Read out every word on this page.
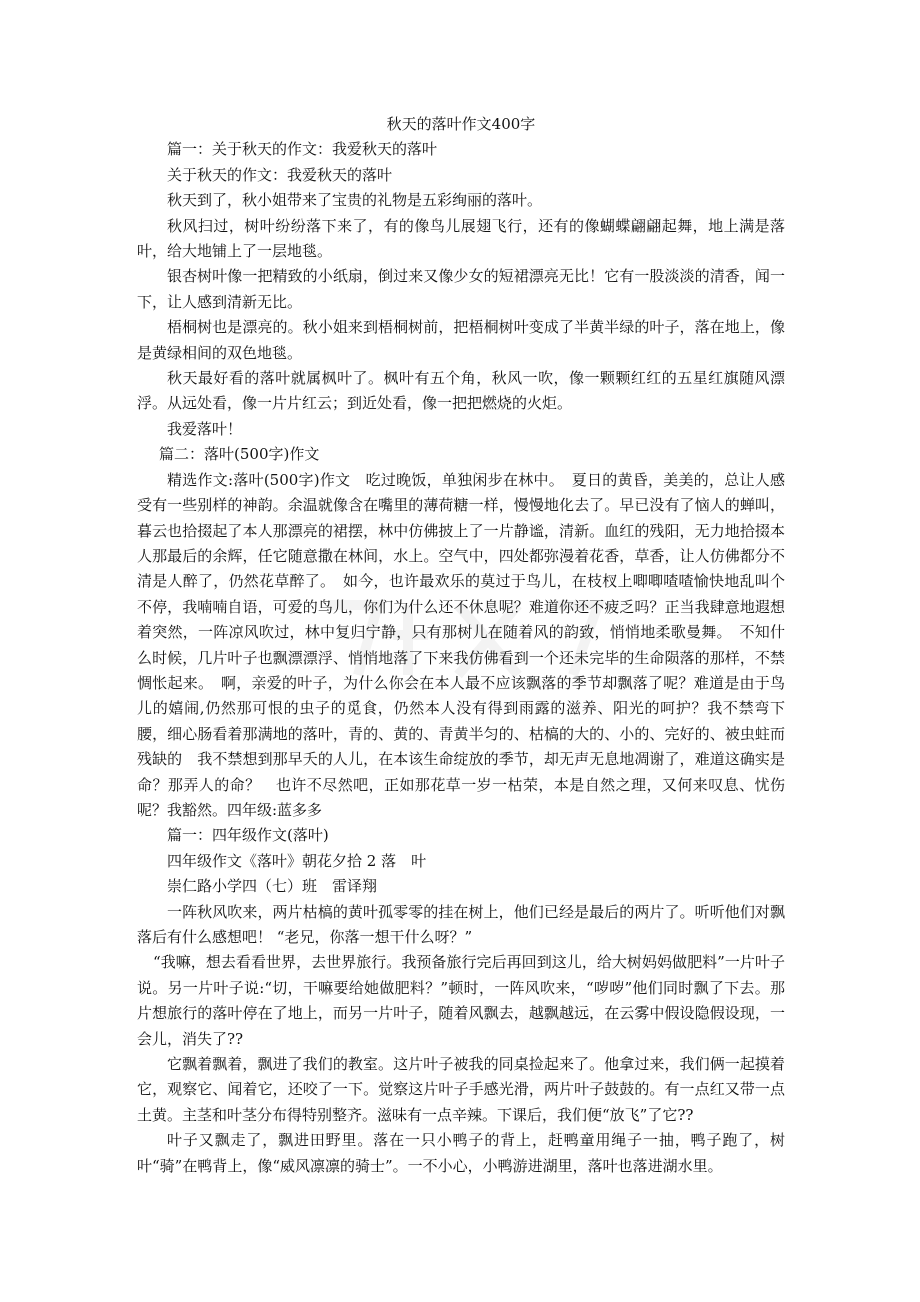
秋天的落叶作文400字

篇一：关于秋天的作文：我爱秋天的落叶

关于秋天的作文：我爱秋天的落叶

秋天到了，秋小姐带来了宝贵的礼物是五彩绚丽的落叶。

秋风扫过，树叶纷纷落下来了，有的像鸟儿展翅飞行，还有的像蝴蝶翩翩起舞，地上满是落叶，给大地铺上了一层地毯。

银杏树叶像一把精致的小纸扇，倒过来又像少女的短裙漂亮无比！它有一股淡淡的清香，闻一下，让人感到清新无比。

梧桐树也是漂亮的。秋小姐来到梧桐树前，把梧桐树叶变成了半黄半绿的叶子，落在地上，像是黄绿相间的双色地毯。

秋天最好看的落叶就属枫叶了。枫叶有五个角，秋风一吹，像一颗颗红红的五星红旗随风漂浮。从远处看，像一片片红云；到近处看，像一把把燃烧的火炬。

我爱落叶！

篇二：落叶(500字)作文

精选作文:落叶(500字)作文　吃过晚饭，单独闲步在林中。　夏日的黄昏，美美的，总让人感受有一些别样的神韵。余温就像含在嘴里的薄荷糖一样，慢慢地化去了。早已没有了恼人的蝉叫，暮云也拾掇起了本人那漂亮的裙摆，林中仿佛披上了一片静谧，清新。血红的残阳，无力地拾掇本人那最后的余辉，任它随意撒在林间，水上。空气中，四处都弥漫着花香，草香，让人仿佛都分不清是人醉了，仍然花草醉了。　如今，也许最欢乐的莫过于鸟儿，在枝杈上唧唧喳喳愉快地乱叫个不停，我喃喃自语，可爱的鸟儿，你们为什么还不休息呢？难道你还不疲乏吗？正当我肆意地遐想着突然，一阵凉风吹过，林中复归宁静，只有那树儿在随着风的韵致，悄悄地柔歌曼舞。　不知什么时候，几片叶子也飘漂漂浮、悄悄地落了下来我仿佛看到一个还未完毕的生命陨落的那样，不禁惆怅起来。　啊，亲爱的叶子，为什么你会在本人最不应该飘落的季节却飘落了呢？难道是由于鸟儿的嬉闹,仍然那可恨的虫子的觅食，仍然本人没有得到雨露的滋养、阳光的呵护？我不禁弯下腰，细心肠看着那满地的落叶，青的、黄的、青黄半匀的、枯槁的大的、小的、完好的、被虫蛀而残缺的　我不禁想到那早夭的人儿，在本该生命绽放的季节，却无声无息地凋谢了，难道这确实是命？那弄人的命？　也许不尽然吧，正如那花草一岁一枯荣，本是自然之理，又何来叹息、忧伤呢？我豁然。四年级:蓝多多

篇一：四年级作文(落叶)

四年级作文《落叶》朝花夕拾 2 落　叶

崇仁路小学四（七）班　雷译翔

一阵秋风吹来，两片枯槁的黄叶孤零零的挂在树上，他们已经是最后的两片了。听听他们对飘落后有什么感想吧！ “老兄，你落一想干什么呀？”

“我嘛，想去看看世界，去世界旅行。我预备旅行完后再回到这儿，给大树妈妈做肥料”一片叶子说。另一片叶子说:“切，干嘛要给她做肥料？”顿时，一阵风吹来，“哕哕”他们同时飘了下去。那片想旅行的落叶停在了地上，而另一片叶子，随着风飘去，越飘越远，在云雾中假设隐假设现，一会儿，消失了??

它飘着飘着，飘进了我们的教室。这片叶子被我的同桌捡起来了。他拿过来，我们俩一起摸着它，观察它、闻着它，还咬了一下。觉察这片叶子手感光滑，两片叶子鼓鼓的。有一点红又带一点土黄。主茎和叶茎分布得特别整齐。滋味有一点辛辣。下课后，我们便“放飞”了它??

叶子又飘走了，飘进田野里。落在一只小鸭子的背上，赶鸭童用绳子一抽，鸭子跑了，树叶“骑”在鸭背上，像“威风凛凛的骑士”。一不小心，小鸭游进湖里，落叶也落进湖水里。
